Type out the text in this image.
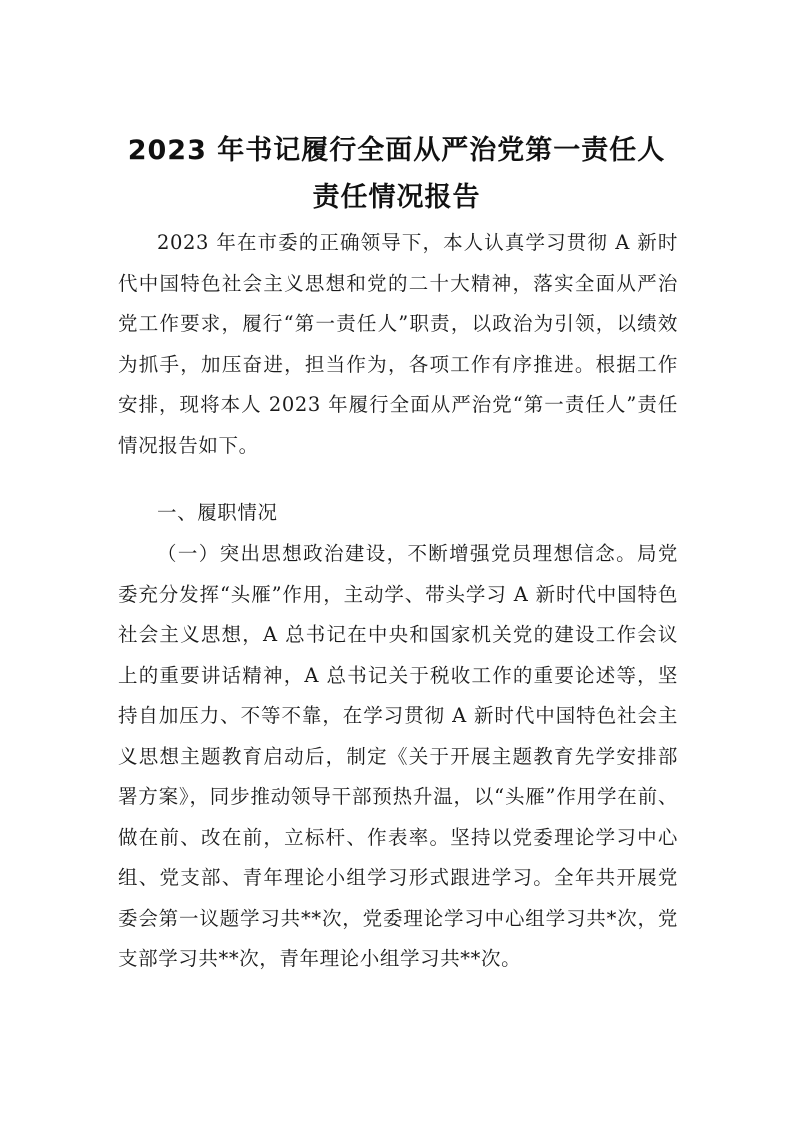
2023 年书记履行全面从严治党第一责任人
责任情况报告

2023 年在市委的正确领导下，本人认真学习贯彻 A 新时代中国特色社会主义思想和党的二十大精神，落实全面从严治党工作要求，履行“第一责任人”职责，以政治为引领，以绩效为抓手，加压奋进，担当作为，各项工作有序推进。根据工作安排，现将本人 2023 年履行全面从严治党“第一责任人”责任情况报告如下。

一、履职情况

（一）突出思想政治建设，不断增强党员理想信念。局党委充分发挥“头雁”作用，主动学、带头学习 A 新时代中国特色社会主义思想，A 总书记在中央和国家机关党的建设工作会议上的重要讲话精神，A 总书记关于税收工作的重要论述等，坚持自加压力、不等不靠，在学习贯彻 A 新时代中国特色社会主义思想主题教育启动后，制定《关于开展主题教育先学安排部署方案》，同步推动领导干部预热升温，以“头雁”作用学在前、做在前、改在前，立标杆、作表率。坚持以党委理论学习中心组、党支部、青年理论小组学习形式跟进学习。全年共开展党委会第一议题学习共**次，党委理论学习中心组学习共*次，党支部学习共**次，青年理论小组学习共**次。
